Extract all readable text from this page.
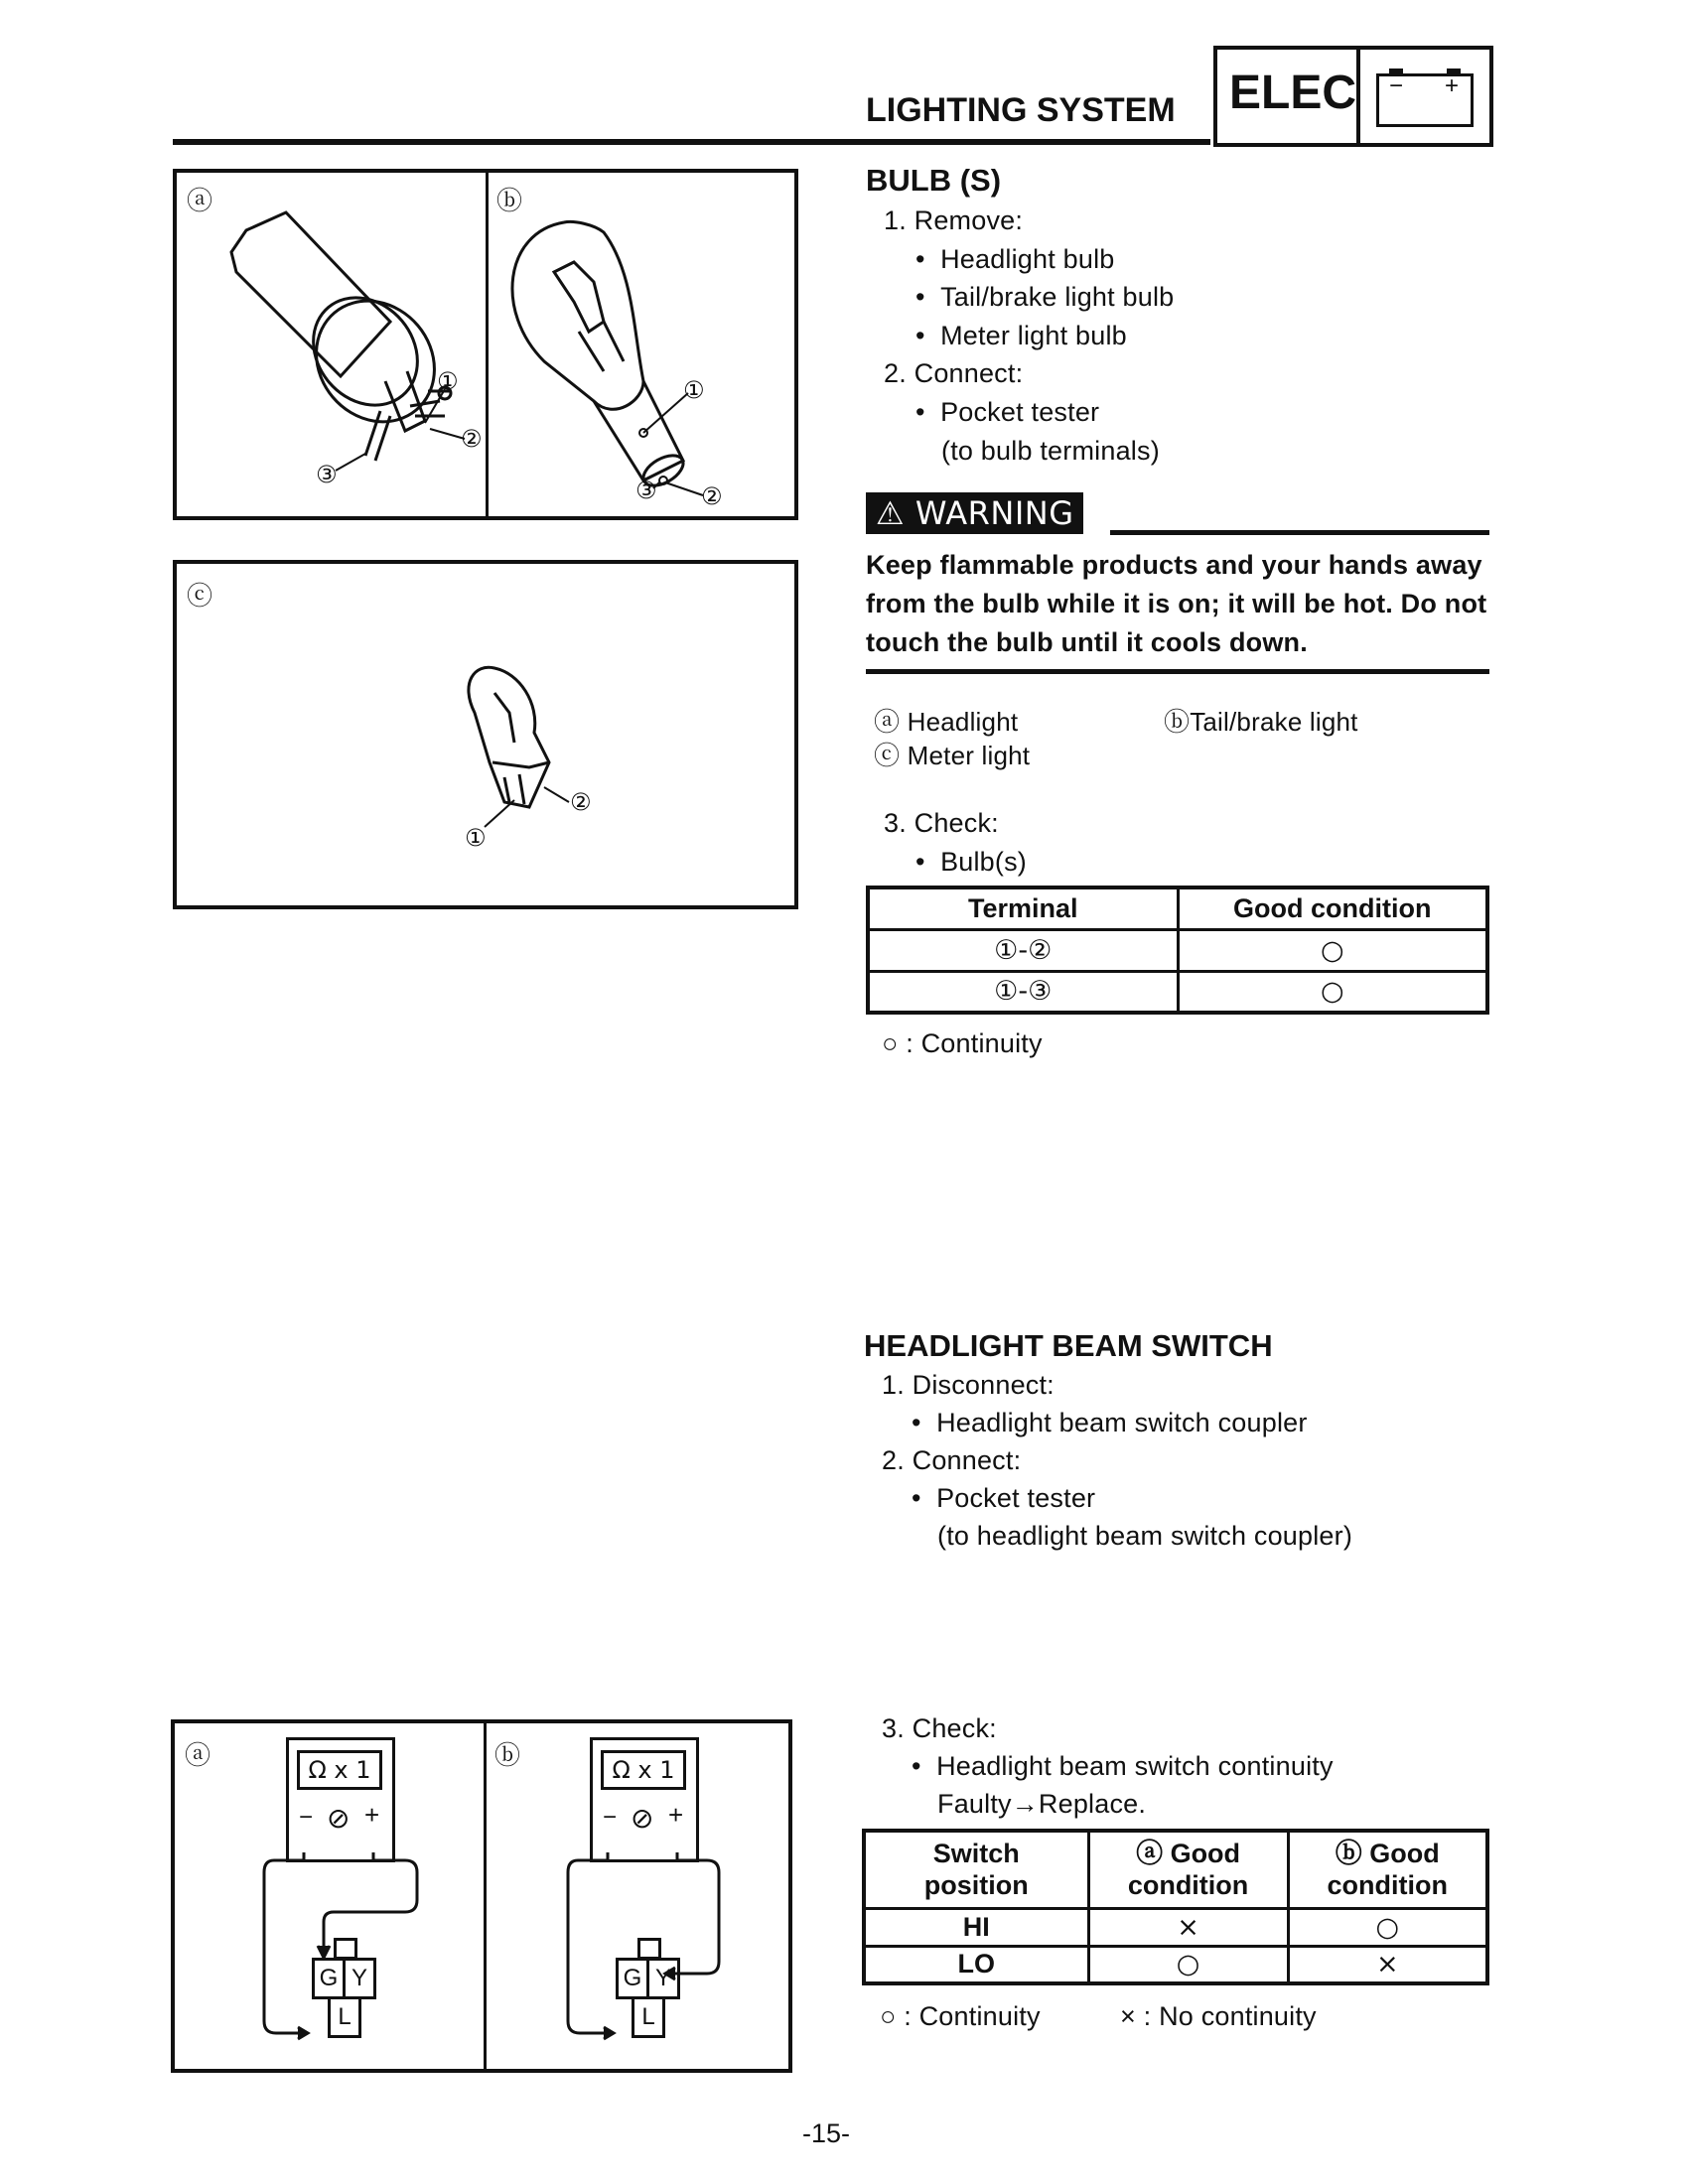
LIGHTING SYSTEM ELEC − +
ⓐ	ⓑ
①
②
③
①
②
③
ⓒ
①
②
BULB (S)
1. Remove:
•  Headlight bulb
•  Tail/brake light bulb
•  Meter light bulb
2. Connect:
•  Pocket tester
(to bulb terminals)
⚠ WARNING
Keep flammable products and your hands away from the bulb while it is on; it will be hot. Do not touch the bulb until it cools down.
ⓐ Headlight	ⓑTail/brake light
ⓒ Meter light
3. Check:
•  Bulb(s)
Terminal	Good condition
①-②	○
①-③	○
○ : Continuity
HEADLIGHT BEAM SWITCH
1. Disconnect:
•  Headlight beam switch coupler
2. Connect:
•  Pocket tester
(to headlight beam switch coupler)
3. Check:
•  Headlight beam switch continuity
Faulty→Replace.
Switch position	ⓐ Good condition	ⓑ Good condition
HI	×	○
LO	○	×
○ : Continuity	× : No continuity
ⓐ	ⓑ
Ω x 1
− ⊘ +
Ω x 1
− ⊘ +
G Y
L
G Y
L
-15-
